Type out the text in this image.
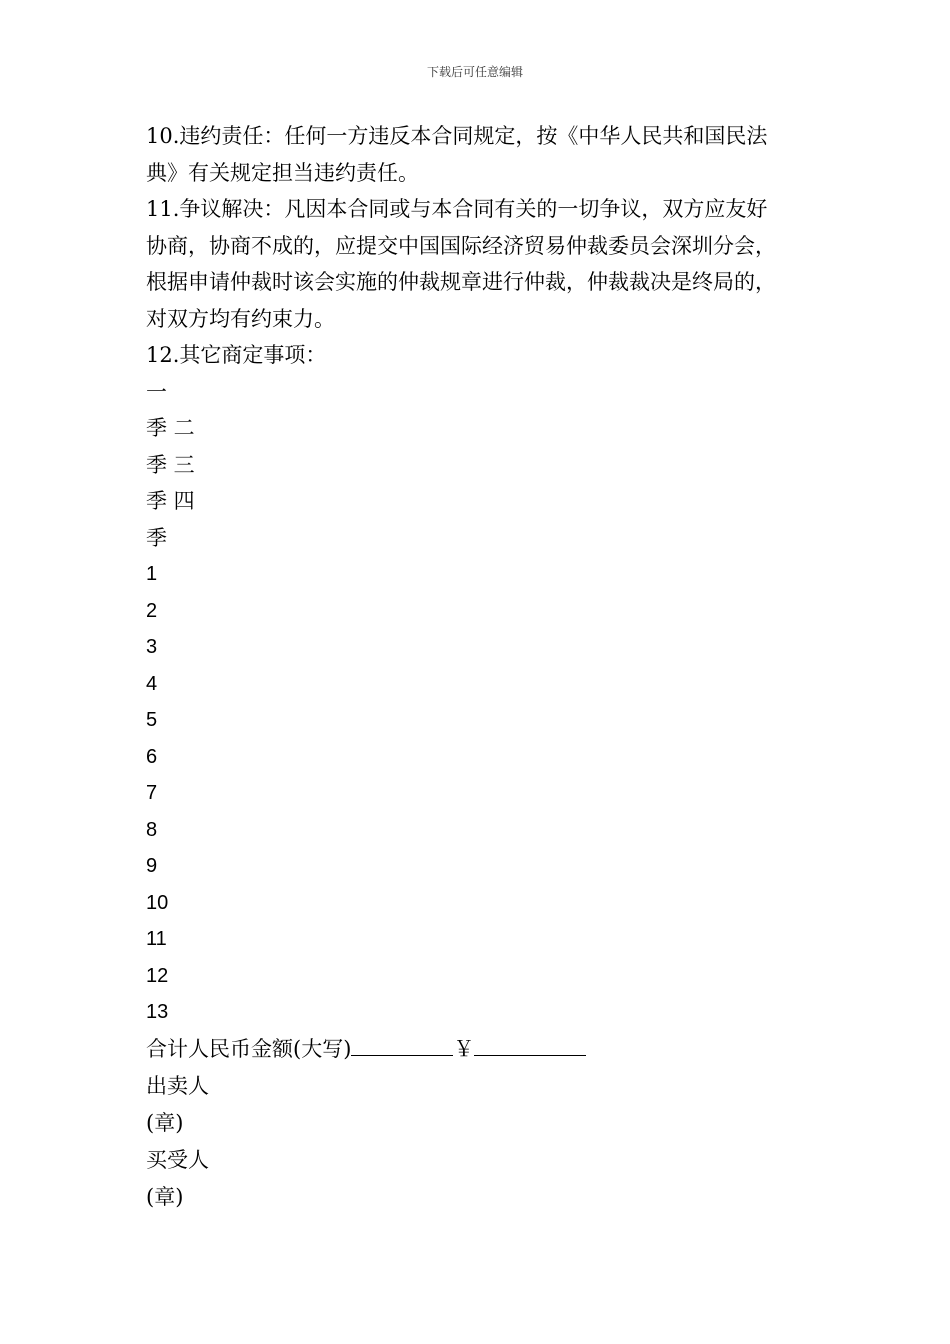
下载后可任意编辑
10.违约责任：任何一方违反本合同规定，按《中华人民共和国民法
典》有关规定担当违约责任。
11.争议解决：凡因本合同或与本合同有关的一切争议，双方应友好
协商，协商不成的，应提交中国国际经济贸易仲裁委员会深圳分会，
根据申请仲裁时该会实施的仲裁规章进行仲裁，仲裁裁决是终局的，
对双方均有约束力。
12.其它商定事项：
一
季 二
季 三
季 四
季
1
2
3
4
5
6
7
8
9
10
11
12
13
合计人民币金额(大写)	￥
出卖人
(章)
买受人
(章)
